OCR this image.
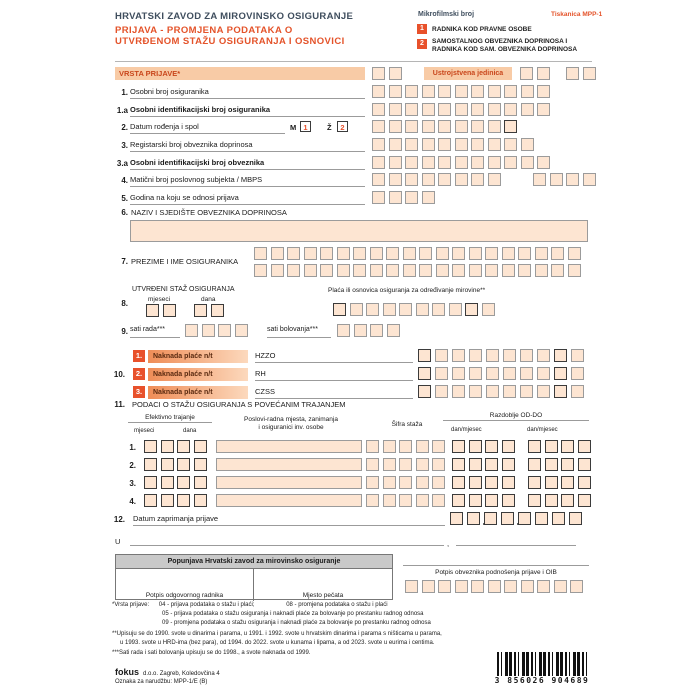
HRVATSKI ZAVOD ZA MIROVINSKO OSIGURANJE
PRIJAVA - PROMJENA PODATAKA O
UTVRĐENOM STAŽU OSIGURANJA I OSNOVICI
Mikrofilmski broj	Tiskanica MPP-1
1	RADNIKA KOD PRAVNE OSOBE
2	SAMOSTALNOG OBVEZNIKA DOPRINOSA I
RADNIKA KOD SAM. OBVEZNIKA DOPRINOSA
VRSTA PRIJAVE*	Ustrojstvena jedinica
1. Osobni broj osiguranika
1.a Osobni identifikacijski broj osiguranika
2. Datum rođenja i spol	M 1	Ž	2
3. Registarski broj obveznika doprinosa
3.a Osobni identifikacijski broj obveznika
4. Matični broj poslovnog subjekta / MBPS
5. Godina na koju se odnosi prijava
6. NAZIV I SJEDIŠTE OBVEZNIKA DOPRINOSA
7. PREZIME I IME OSIGURANIKA
8.
UTVRĐENI STAŽ OSIGURANJA
mjeseci	dana
Plaća ili osnovica osiguranja za određivanje mirovine**
9. sati rada***	sati bolovanja***
10.
1.	Naknada plaće n/t	HZZO
2.	Naknada plaće n/t	RH
3.	Naknada plaće n/t	CZSS
11. PODACI O STAŽU OSIGURANJA S POVEĆANIM TRAJANJEM
Efektivno trajanje
mjeseci	dana
Poslovi-radna mjesta, zanimanja
i osiguranici inv. osobe	Šifra staža
Razdoblje OD-DO
dan/mjesec	dan/mjesec
1.
2.
3.
4.
12. Datum zaprimanja prijave
U	,
Popunjava Hrvatski zavod za mirovinsko osiguranje
Potpis odgovornog radnika	Mjesto pečata
Potpis obveznika podnošenja prijave i OIB
*Vrsta prijave: 04 - prijava podataka o stažu i plaći;	08 - promjena podataka o stažu i plaći
05 - prijava podataka o stažu osiguranja i naknadi plaće za bolovanje po prestanku radnog odnosa
09 - promjena podataka o stažu osiguranja i naknadi plaće za bolovanje po prestanku radnog odnosa
**Upisuju se do 1990. svote u dinarima i parama, u 1991. i 1992. svote u hrvatskim dinarima i parama s ništicama u parama,
u 1993. svote u HRD-ima (bez para), od 1994. do 2022. svote u kunama i lipama, a od 2023. svote u eurima i centima.
***Sati rada i sati bolovanja upisuju se do 1998., a svote naknada od 1999.
fokus d.o.o. Zagreb, Koledovčina 4
Oznaka za narudžbu: MPP-1/E (B)	3 856026 904689
